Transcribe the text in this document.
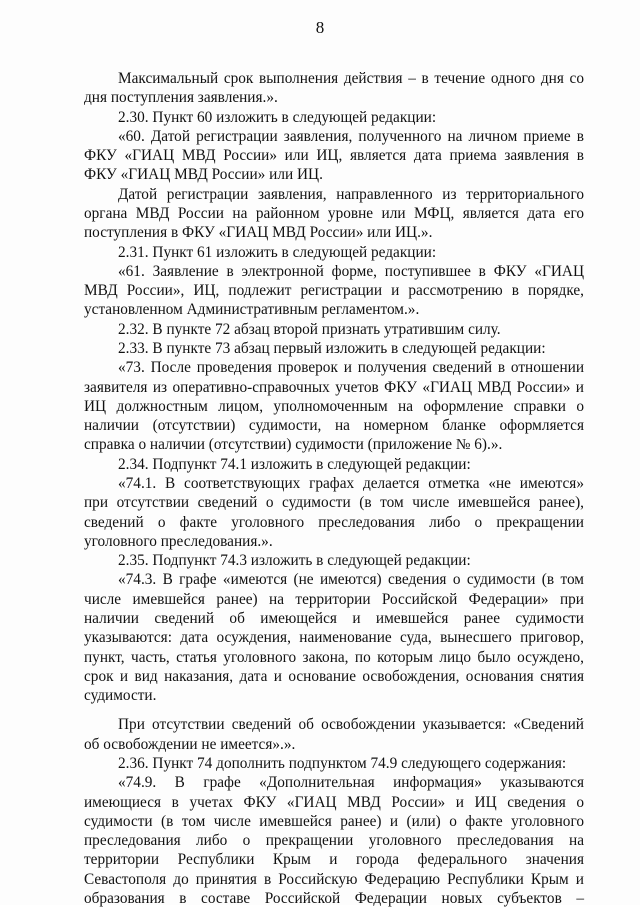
8
Максимальный срок выполнения действия – в течение одного дня со
дня поступления заявления.».
2.30. Пункт 60 изложить в следующей редакции:
«60. Датой регистрации заявления, полученного на личном приеме в
ФКУ «ГИАЦ МВД России» или ИЦ, является дата приема заявления в
ФКУ «ГИАЦ МВД России» или ИЦ.
Датой регистрации заявления, направленного из территориального
органа МВД России на районном уровне или МФЦ, является дата его
поступления в ФКУ «ГИАЦ МВД России» или ИЦ.».
2.31. Пункт 61 изложить в следующей редакции:
«61. Заявление в электронной форме, поступившее в ФКУ «ГИАЦ
МВД России», ИЦ, подлежит регистрации и рассмотрению в порядке,
установленном Административным регламентом.».
2.32. В пункте 72 абзац второй признать утратившим силу.
2.33. В пункте 73 абзац первый изложить в следующей редакции:
«73. После проведения проверок и получения сведений в отношении
заявителя из оперативно-справочных учетов ФКУ «ГИАЦ МВД России» и
ИЦ должностным лицом, уполномоченным на оформление справки о
наличии (отсутствии) судимости, на номерном бланке оформляется
справка о наличии (отсутствии) судимости (приложение № 6).».
2.34. Подпункт 74.1 изложить в следующей редакции:
«74.1. В соответствующих графах делается отметка «не имеются»
при отсутствии сведений о судимости (в том числе имевшейся ранее),
сведений о факте уголовного преследования либо о прекращении
уголовного преследования.».
2.35. Подпункт 74.3 изложить в следующей редакции:
«74.3. В графе «имеются (не имеются) сведения о судимости (в том
числе имевшейся ранее) на территории Российской Федерации» при
наличии сведений об имеющейся и имевшейся ранее судимости
указываются: дата осуждения, наименование суда, вынесшего приговор,
пункт, часть, статья уголовного закона, по которым лицо было осуждено,
срок и вид наказания, дата и основание освобождения, основания снятия
судимости.
При отсутствии сведений об освобождении указывается: «Сведений
об освобождении не имеется».».
2.36. Пункт 74 дополнить подпунктом 74.9 следующего содержания:
«74.9. В графе «Дополнительная информация» указываются
имеющиеся в учетах ФКУ «ГИАЦ МВД России» и ИЦ сведения о
судимости (в том числе имевшейся ранее) и (или) о факте уголовного
преследования либо о прекращении уголовного преследования на
территории Республики Крым и города федерального значения
Севастополя до принятия в Российскую Федерацию Республики Крым и
образования в составе Российской Федерации новых субъектов –
